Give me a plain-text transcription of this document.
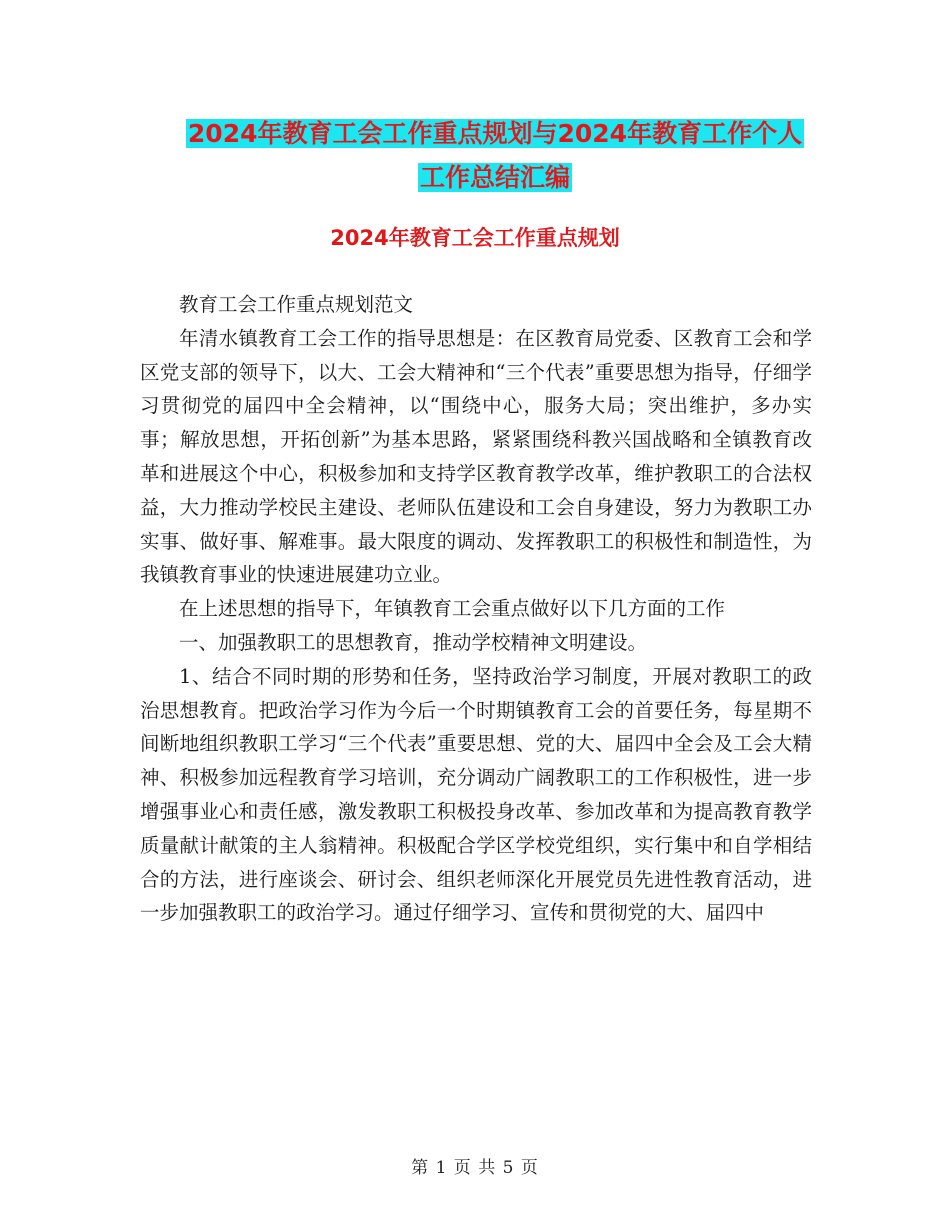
2024年教育工会工作重点规划与2024年教育工作个人
工作总结汇编
2024年教育工会工作重点规划

教育工会工作重点规划范文

年清水镇教育工会工作的指导思想是：在区教育局党委、区教育工会和学区党支部的领导下，以大、工会大精神和“三个代表”重要思想为指导，仔细学习贯彻党的届四中全会精神，以“围绕中心，服务大局；突出维护，多办实事；解放思想，开拓创新”为基本思路，紧紧围绕科教兴国战略和全镇教育改革和进展这个中心，积极参加和支持学区教育教学改革，维护教职工的合法权益，大力推动学校民主建设、老师队伍建设和工会自身建设，努力为教职工办实事、做好事、解难事。最大限度的调动、发挥教职工的积极性和制造性，为我镇教育事业的快速进展建功立业。

在上述思想的指导下，年镇教育工会重点做好以下几方面的工作

一、加强教职工的思想教育，推动学校精神文明建设。

1、结合不同时期的形势和任务，坚持政治学习制度，开展对教职工的政治思想教育。把政治学习作为今后一个时期镇教育工会的首要任务，每星期不间断地组织教职工学习“三个代表”重要思想、党的大、届四中全会及工会大精神、积极参加远程教育学习培训，充分调动广阔教职工的工作积极性，进一步增强事业心和责任感，激发教职工积极投身改革、参加改革和为提高教育教学质量献计献策的主人翁精神。积极配合学区学校党组织，实行集中和自学相结合的方法，进行座谈会、研讨会、组织老师深化开展党员先进性教育活动，进一步加强教职工的政治学习。通过仔细学习、宣传和贯彻党的大、届四中

第 1 页 共 5 页
